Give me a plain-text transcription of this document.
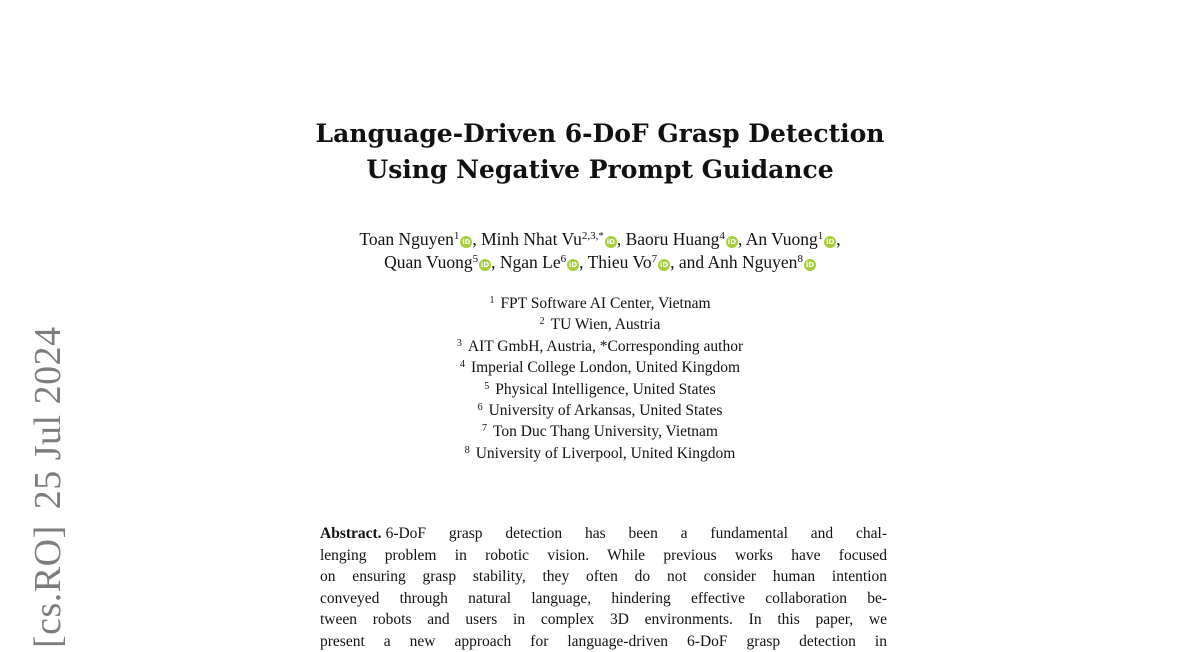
[cs.RO]25 Jul 2024
Language-Driven 6-DoF Grasp Detection
Using Negative Prompt Guidance
Toan Nguyen$^1$ iD , Minh Nhat $Vu^{2,3,*}$ iD , Baoru Huang$^4$ iD , An Vuong$^1$ iD ,
Quan Vuong$^5$ iD , Ngan Le$^6$ iD , Thieu Vo$^7$ iD , and Anh Nguyen$^8$ iD
$^1$ FPT Software AI Center, Vietnam
$^2$ TU Wien, Austria
$^3$ AIT GmbH, Austria, *Corresponding author
$^4$ Imperial College London, United Kingdom
$^5$ Physical Intelligence, United States
$^6$ University of Arkansas, United States
$^7$ Ton Duc Thang University, Vietnam
$^8$ University of Liverpool, United Kingdom
Abstract. 6-DoF grasp detection has been a fundamental and chal-
lenging problem in robotic vision. While previous works have focused
on ensuring grasp stability, they often do not consider human intention
conveyed through natural language, hindering effective collaboration be-
tween robots and users in complex 3D environments. In this paper, we
present a new approach for language-driven 6-DoF grasp detection in
